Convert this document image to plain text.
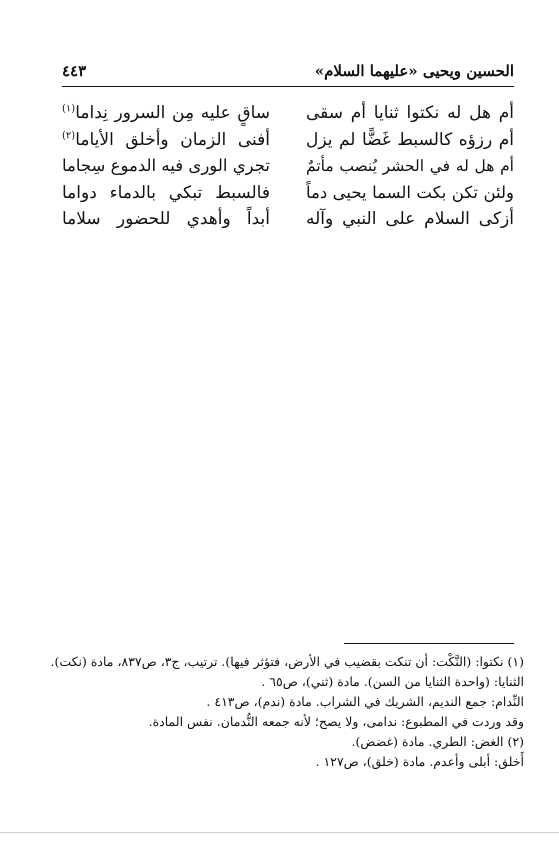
الحسين ويحيى «عليهما السلام»
٤٤٣
أم هل له نكتوا ثنايا أم سقى
ساقٍ عليه مِن السرور نِداما$^{(١)}$
أم رزؤه كالسبط غَضًّا لم يزل
أفنى الزمان وأخلق الأياما$^{(٢)}$
أم هل له في الحشر يُنصب مأتمٌ
تجري الورى فيه الدموع سِجاما
ولئن تكن بكت السما يحيى دماً
فالسبط تبكي بالدماء دواما
أزكى السلام على النبي وآله
أبداً وأهدي للحضور سلاما
(١) نكتوا: (النَّكْت: أن تنكت بقضيب في الأرض، فتؤثر فيها). ترتيب، ج٣، ص٨٣٧، مادة (نكت).
الثنايا: (واحدة الثنايا من السن). مادة (ثني)، ص٦٥ .
النِّدام: جمع النديم، الشريك في الشراب. مادة (ندم)، ص٤١٣ .
وقد وردت في المطبوع: ندامى، ولا يصح؛ لأنه جمعه النُّدمان. نفس المادة.
(٢) الغض: الطري. مادة (غضض).
أَخلق: أبلى وأعدم. مادة (خلق)، ص١٢٧ .
